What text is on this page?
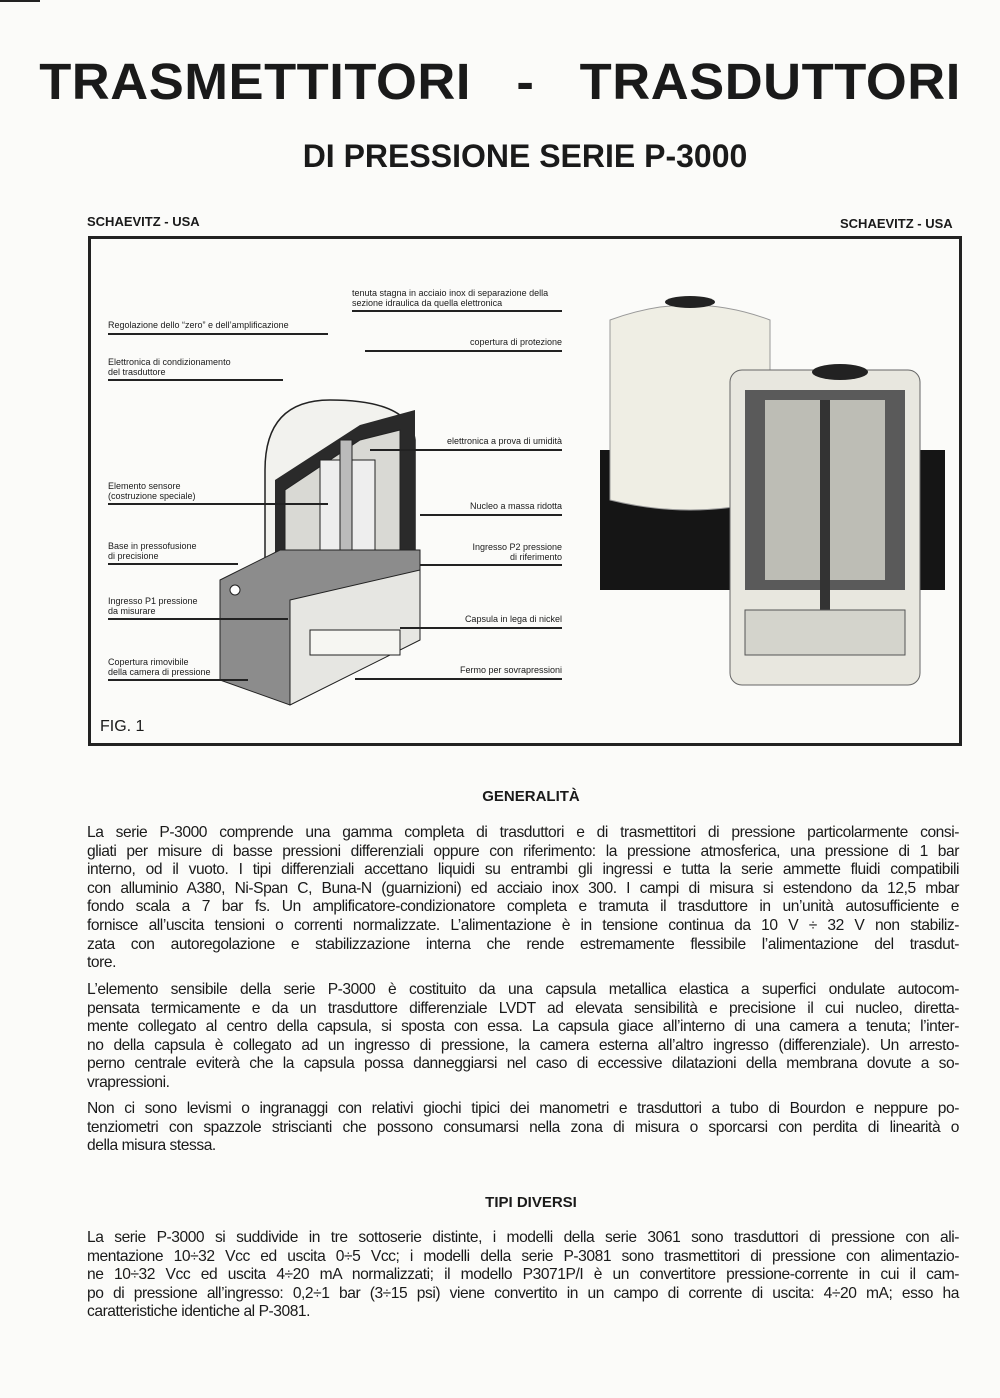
TRASMETTITORI - TRASDUTTORI
DI PRESSIONE SERIE P-3000
SCHAEVITZ - USA	SCHAEVITZ - USA
Regolazione dello “zero” e dell’amplificazione
Elettronica di condizionamento
del trasduttore
Elemento sensore
(costruzione speciale)
Base in pressofusione
di precisione
Ingresso P1 pressione
da misurare
Copertura rimovibile
della camera di pressione
tenuta stagna in acciaio inox di separazione della
sezione idraulica da quella elettronica
copertura di protezione
elettronica a prova di umidità
Nucleo a massa ridotta
Ingresso P2 pressione
di riferimento
Capsula in lega di nickel
Fermo per sovrapressioni
FIG. 1
GENERALITÀ
La serie P-3000 comprende una gamma completa di trasduttori e di trasmettitori di pressione particolarmente consi-
gliati per misure di basse pressioni differenziali oppure con riferimento: la pressione atmosferica, una pressione di 1 bar
interno, od il vuoto. I tipi differenziali accettano liquidi su entrambi gli ingressi e tutta la serie ammette fluidi compatibili
con alluminio A380, Ni-Span C, Buna-N (guarnizioni) ed acciaio inox 300. I campi di misura si estendono da 12,5 mbar
fondo scala a 7 bar fs. Un amplificatore-condizionatore completa e tramuta il trasduttore in un’unità autosufficiente e
fornisce all’uscita tensioni o correnti normalizzate. L’alimentazione è in tensione continua da 10 V ÷ 32 V non stabiliz-
zata con autoregolazione e stabilizzazione interna che rende estremamente flessibile l’alimentazione del trasdut-
tore.
L’elemento sensibile della serie P-3000 è costituito da una capsula metallica elastica a superfici ondulate autocom-
pensata termicamente e da un trasduttore differenziale LVDT ad elevata sensibilità e precisione il cui nucleo, diretta-
mente collegato al centro della capsula, si sposta con essa. La capsula giace all’interno di una camera a tenuta; l’inter-
no della capsula è collegato ad un ingresso di pressione, la camera esterna all’altro ingresso (differenziale). Un arresto-
perno centrale eviterà che la capsula possa danneggiarsi nel caso di eccessive dilatazioni della membrana dovute a so-
vrapressioni.
Non ci sono levismi o ingranaggi con relativi giochi tipici dei manometri e trasduttori a tubo di Bourdon e neppure po-
tenziometri con spazzole striscianti che possono consumarsi nella zona di misura o sporcarsi con perdita di linearità o
della misura stessa.
TIPI DIVERSI
La serie P-3000 si suddivide in tre sottoserie distinte, i modelli della serie 3061 sono trasduttori di pressione con ali-
mentazione 10÷32 Vcc ed uscita 0÷5 Vcc; i modelli della serie P-3081 sono trasmettitori di pressione con alimentazio-
ne 10÷32 Vcc ed uscita 4÷20 mA normalizzati; il modello P3071P/I è un convertitore pressione-corrente in cui il cam-
po di pressione all’ingresso: 0,2÷1 bar (3÷15 psi) viene convertito in un campo di corrente di uscita: 4÷20 mA; esso ha
caratteristiche identiche al P-3081.
